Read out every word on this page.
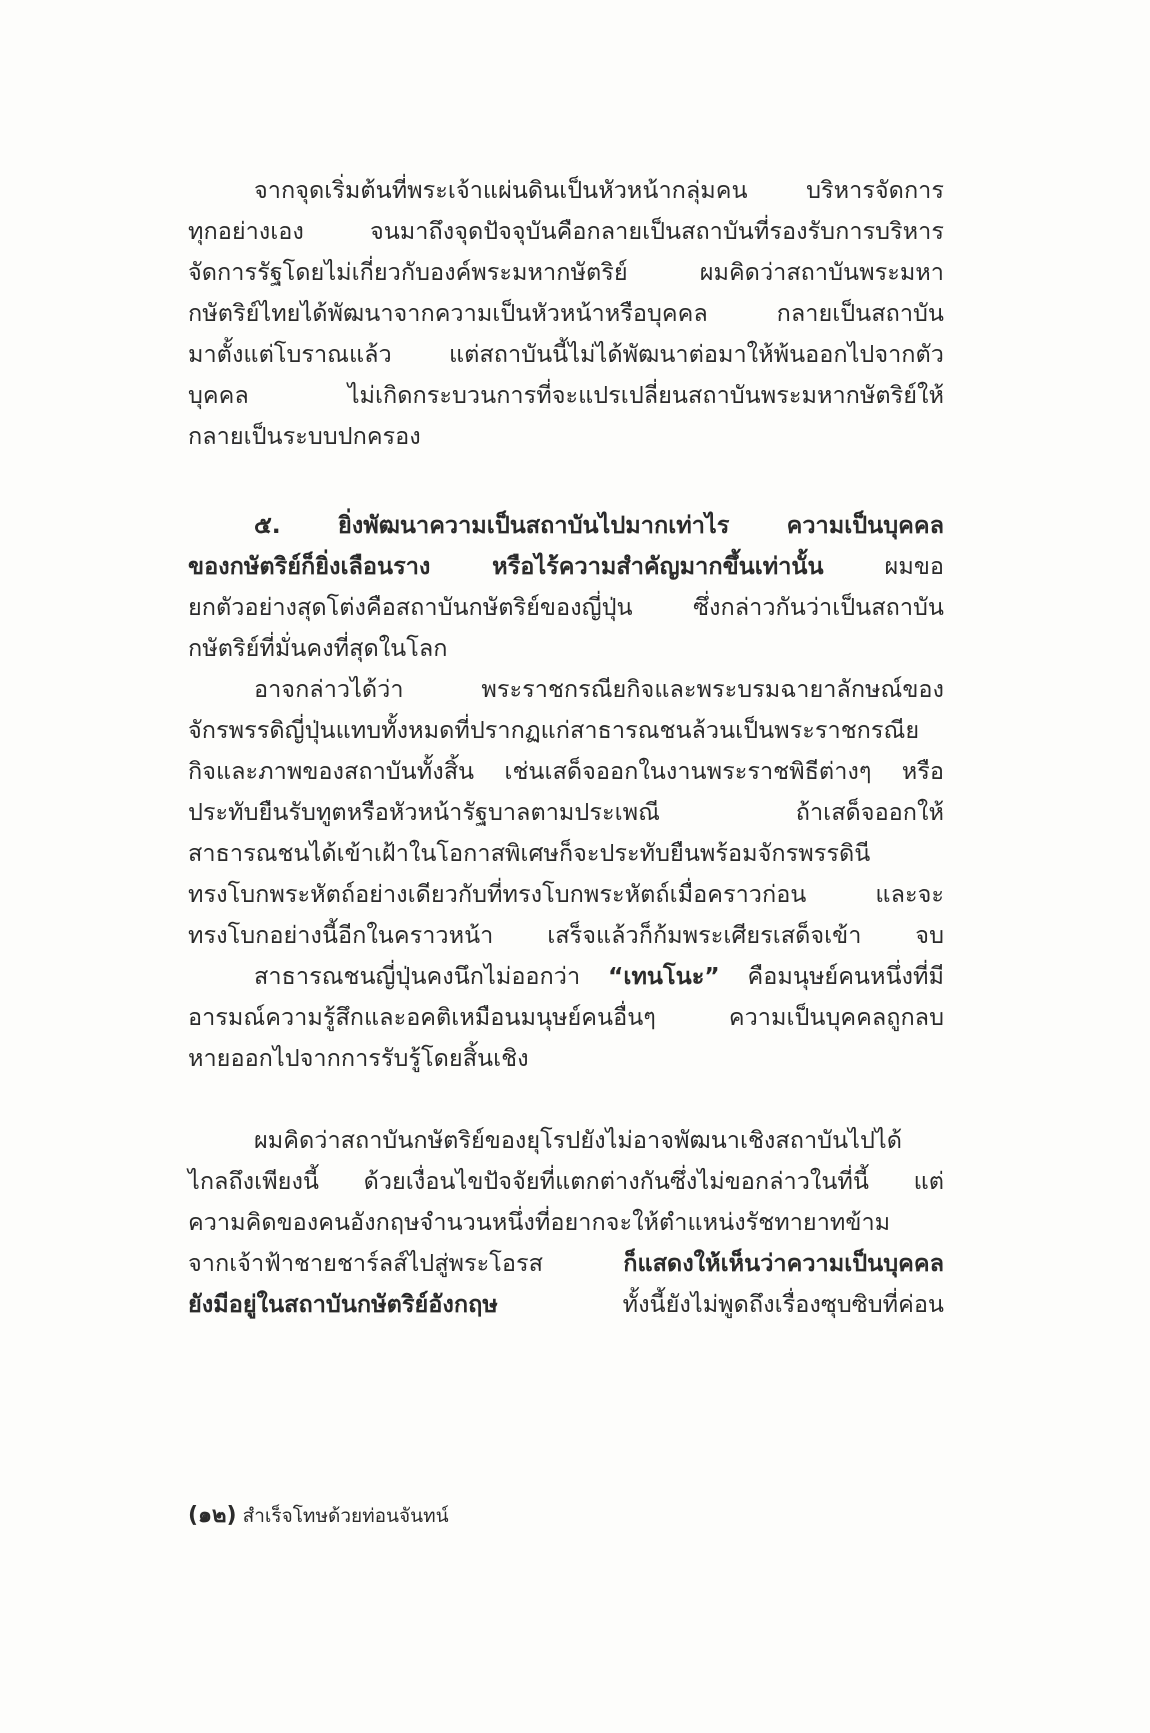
จากจุดเริ่มต้นที่พระเจ้าแผ่นดินเป็นหัวหน้ากลุ่มคน บริหารจัดการ
ทุกอย่างเอง จนมาถึงจุดปัจจุบันคือกลายเป็นสถาบันที่รองรับการบริหาร
จัดการรัฐโดยไม่เกี่ยวกับองค์พระมหากษัตริย์ ผมคิดว่าสถาบันพระมหา
กษัตริย์ไทยได้พัฒนาจากความเป็นหัวหน้าหรือบุคคล กลายเป็นสถาบัน
มาตั้งแต่โบราณแล้ว แต่สถาบันนี้ไม่ได้พัฒนาต่อมาให้พ้นออกไปจากตัว
บุคคล ไม่เกิดกระบวนการที่จะแปรเปลี่ยนสถาบันพระมหากษัตริย์ให้
กลายเป็นระบบปกครอง
๕. ยิ่งพัฒนาความเป็นสถาบันไปมากเท่าไร ความเป็นบุคคล
ของกษัตริย์ก็ยิ่งเลือนราง หรือไร้ความสำคัญมากขึ้นเท่านั้น ผมขอ
ยกตัวอย่างสุดโต่งคือสถาบันกษัตริย์ของญี่ปุ่น ซึ่งกล่าวกันว่าเป็นสถาบัน
กษัตริย์ที่มั่นคงที่สุดในโลก
อาจกล่าวได้ว่า พระราชกรณียกิจและพระบรมฉายาลักษณ์ของ
จักรพรรดิญี่ปุ่นแทบทั้งหมดที่ปรากฏแก่สาธารณชนล้วนเป็นพระราชกรณีย
กิจและภาพของสถาบันทั้งสิ้น เช่นเสด็จออกในงานพระราชพิธีต่างๆ หรือ
ประทับยืนรับทูตหรือหัวหน้ารัฐบาลตามประเพณี ถ้าเสด็จออกให้
สาธารณชนได้เข้าเฝ้าในโอกาสพิเศษก็จะประทับยืนพร้อมจักรพรรดินี
ทรงโบกพระหัตถ์อย่างเดียวกับที่ทรงโบกพระหัตถ์เมื่อคราวก่อน และจะ
ทรงโบกอย่างนี้อีกในคราวหน้า เสร็จแล้วก็ก้มพระเศียรเสด็จเข้า จบ
สาธารณชนญี่ปุ่นคงนึกไม่ออกว่า “เทนโนะ” คือมนุษย์คนหนึ่งที่มี
อารมณ์ความรู้สึกและอคติเหมือนมนุษย์คนอื่นๆ ความเป็นบุคคลถูกลบ
หายออกไปจากการรับรู้โดยสิ้นเชิง
ผมคิดว่าสถาบันกษัตริย์ของยุโรปยังไม่อาจพัฒนาเชิงสถาบันไปได้
ไกลถึงเพียงนี้ ด้วยเงื่อนไขปัจจัยที่แตกต่างกันซึ่งไม่ขอกล่าวในที่นี้ แต่
ความคิดของคนอังกฤษจำนวนหนึ่งที่อยากจะให้ตำแหน่งรัชทายาทข้าม
จากเจ้าฟ้าชายชาร์ลส์ไปสู่พระโอรส ก็แสดงให้เห็นว่าความเป็นบุคคล
ยังมีอยู่ในสถาบันกษัตริย์อังกฤษ ทั้งนี้ยังไม่พูดถึงเรื่องซุบซิบที่ค่อน
(๑๒) สำเร็จโทษด้วยท่อนจันทน์
